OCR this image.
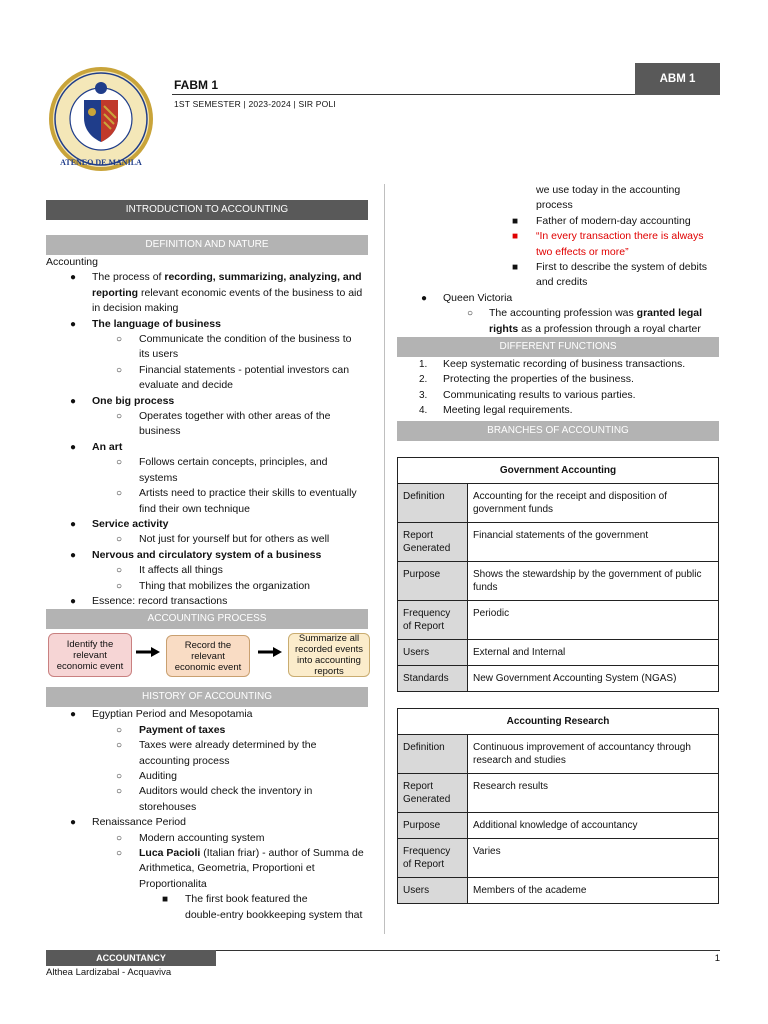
ATENEO DE MANILA
FABM 1
1ST SEMESTER | 2023-2024 | SIR POLI
ABM 1
INTRODUCTION TO ACCOUNTING
DEFINITION AND NATURE
Accounting
● The process of recording, summarizing, analyzing, and
reporting relevant economic events of the business to aid
in decision making
● The language of business
○ Communicate the condition of the business to
its users
○ Financial statements - potential investors can
evaluate and decide
● One big process
○ Operates together with other areas of the
business
● An art
○ Follows certain concepts, principles, and systems
○ Artists need to practice their skills to eventually
find their own technique
● Service activity
○ Not just for yourself but for others as well
● Nervous and circulatory system of a business
○ It affects all things
○ Thing that mobilizes the organization
● Essence: record transactions
ACCOUNTING PROCESS
Identify the relevant economic event
Record the relevant economic event
Summarize all recorded events into accounting reports
HISTORY OF ACCOUNTING
● Egyptian Period and Mesopotamia
○ Payment of taxes
○ Taxes were already determined by the
accounting process
○ Auditing
○ Auditors would check the inventory in
storehouses
● Renaissance Period
○ Modern accounting system
○ Luca Pacioli (Italian friar) - author of Summa de
Arithmetica, Geometria, Proportioni et
Proportionalita
■ The first book featured the
double-entry bookkeeping system that
we use today in the accounting
process
■ Father of modern-day accounting
■ “In every transaction there is always
two effects or more”
■ First to describe the system of debits
and credits
● Queen Victoria
○ The accounting profession was granted legal
rights as a profession through a royal charter
DIFFERENT FUNCTIONS
1. Keep systematic recording of business transactions.
2. Protecting the properties of the business.
3. Communicating results to various parties.
4. Meeting legal requirements.
BRANCHES OF ACCOUNTING
Government Accounting	
Definition	Accounting for the receipt and disposition of government funds
Report
Generated	Financial statements of the government
Purpose	Shows the stewardship by the government of public funds
Frequency
of Report	Periodic
Users	External and Internal
Standards	New Government Accounting System (NGAS)
Accounting Research	
Definition	Continuous improvement of accountancy through research and studies
Report
Generated	Research results
Purpose	Additional knowledge of accountancy
Frequency
of Report	Varies
Users	Members of the academe
ACCOUNTANCY	1
Althea Lardizabal - Acquaviva
